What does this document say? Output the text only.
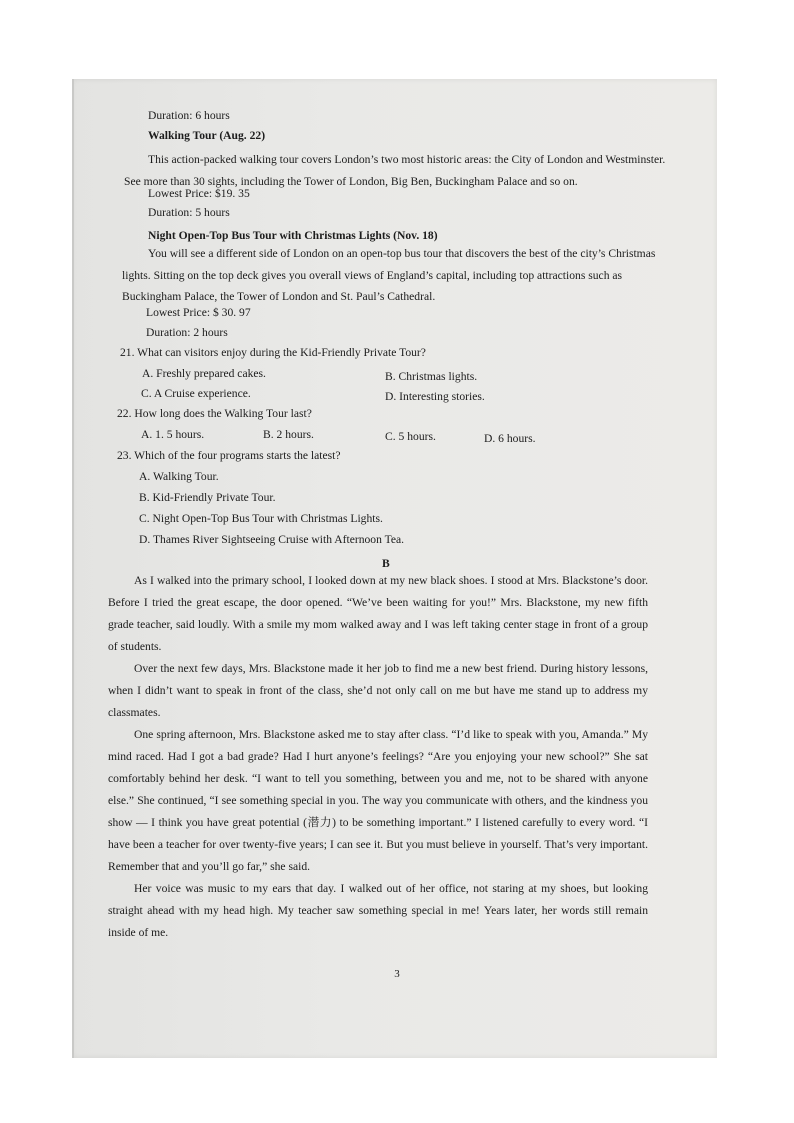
Duration: 6 hours
Walking Tour (Aug. 22)
This action-packed walking tour covers London’s two most historic areas: the City of London and Westminster.
See more than 30 sights, including the Tower of London, Big Ben, Buckingham Palace and so on.
Lowest Price: $19. 35
Duration: 5 hours
Night Open-Top Bus Tour with Christmas Lights (Nov. 18)
You will see a different side of London on an open-top bus tour that discovers the best of the city’s Christmas
lights. Sitting on the top deck gives you overall views of England’s capital, including top attractions such as
Buckingham Palace, the Tower of London and St. Paul’s Cathedral.
Lowest Price: $ 30. 97
Duration: 2 hours
21. What can visitors enjoy during the Kid-Friendly Private Tour?
A. Freshly prepared cakes.	B. Christmas lights.
C. A Cruise experience.	D. Interesting stories.
22. How long does the Walking Tour last?
A. 1. 5 hours.	B. 2 hours.	C. 5 hours.	D. 6 hours.
23. Which of the four programs starts the latest?
A. Walking Tour.
B. Kid-Friendly Private Tour.
C. Night Open-Top Bus Tour with Christmas Lights.
D. Thames River Sightseeing Cruise with Afternoon Tea.
B

As I walked into the primary school, I looked down at my new black shoes. I stood at Mrs. Blackstone’s door. Before I tried the great escape, the door opened. “We’ve been waiting for you!” Mrs. Blackstone, my new fifth grade teacher, said loudly. With a smile my mom walked away and I was left taking center stage in front of a group of students.

Over the next few days, Mrs. Blackstone made it her job to find me a new best friend. During history lessons, when I didn’t want to speak in front of the class, she’d not only call on me but have me stand up to address my classmates.

One spring afternoon, Mrs. Blackstone asked me to stay after class. “I’d like to speak with you, Amanda.” My mind raced. Had I got a bad grade? Had I hurt anyone’s feelings? “Are you enjoying your new school?” She sat comfortably behind her desk. “I want to tell you something, between you and me, not to be shared with anyone else.” She continued, “I see something special in you. The way you communicate with others, and the kindness you show — I think you have great potential (潜力) to be something important.” I listened carefully to every word. “I have been a teacher for over twenty-five years; I can see it. But you must believe in yourself. That’s very important. Remember that and you’ll go far,” she said.

Her voice was music to my ears that day. I walked out of her office, not staring at my shoes, but looking straight ahead with my head high. My teacher saw something special in me! Years later, her words still remain inside of me.

3
